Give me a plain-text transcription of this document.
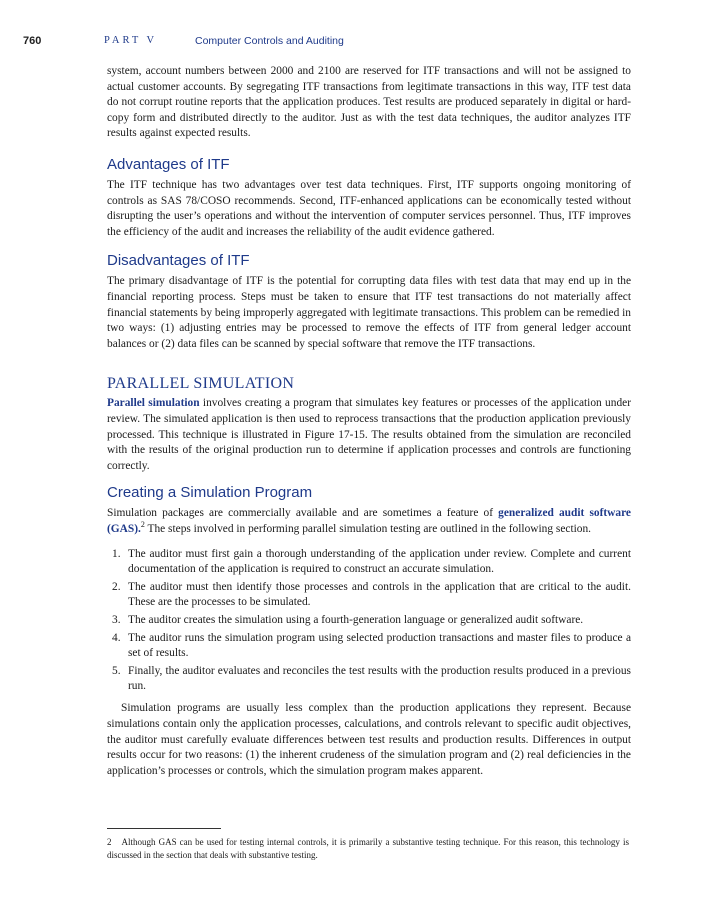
760	PART V	Computer Controls and Auditing

system, account numbers between 2000 and 2100 are reserved for ITF transactions and will not be assigned to actual customer accounts. By segregating ITF transactions from legitimate transactions in this way, ITF test data do not corrupt routine reports that the application produces. Test results are produced separately in digital or hard-copy form and distributed directly to the auditor. Just as with the test data techniques, the auditor analyzes ITF results against expected results.

Advantages of ITF

The ITF technique has two advantages over test data techniques. First, ITF supports ongoing monitoring of controls as SAS 78/COSO recommends. Second, ITF-enhanced applications can be economically tested without disrupting the user’s operations and without the intervention of computer services personnel. Thus, ITF improves the efficiency of the audit and increases the reliability of the audit evidence gathered.

Disadvantages of ITF

The primary disadvantage of ITF is the potential for corrupting data files with test data that may end up in the financial reporting process. Steps must be taken to ensure that ITF test transactions do not materially affect financial statements by being improperly aggregated with legitimate transactions. This problem can be remedied in two ways: (1) adjusting entries may be processed to remove the effects of ITF from general ledger account balances or (2) data files can be scanned by special software that remove the ITF transactions.

PARALLEL SIMULATION

Parallel simulation involves creating a program that simulates key features or processes of the application under review. The simulated application is then used to reprocess transactions that the production application previously processed. This technique is illustrated in Figure 17-15. The results obtained from the simulation are reconciled with the results of the original production run to determine if application processes and controls are functioning correctly.

Creating a Simulation Program

Simulation packages are commercially available and are sometimes a feature of generalized audit software (GAS).$^2$ The steps involved in performing parallel simulation testing are outlined in the following section.

1. The auditor must first gain a thorough understanding of the application under review. Complete and current documentation of the application is required to construct an accurate simulation.
2. The auditor must then identify those processes and controls in the application that are critical to the audit. These are the processes to be simulated.
3. The auditor creates the simulation using a fourth-generation language or generalized audit software.
4. The auditor runs the simulation program using selected production transactions and master files to produce a set of results.
5. Finally, the auditor evaluates and reconciles the test results with the production results produced in a previous run.

Simulation programs are usually less complex than the production applications they represent. Because simulations contain only the application processes, calculations, and controls relevant to specific audit objectives, the auditor must carefully evaluate differences between test results and production results. Differences in output results occur for two reasons: (1) the inherent crudeness of the simulation program and (2) real deficiencies in the application’s processes or controls, which the simulation program makes apparent.

2 Although GAS can be used for testing internal controls, it is primarily a substantive testing technique. For this reason, this technology is discussed in the section that deals with substantive testing.
